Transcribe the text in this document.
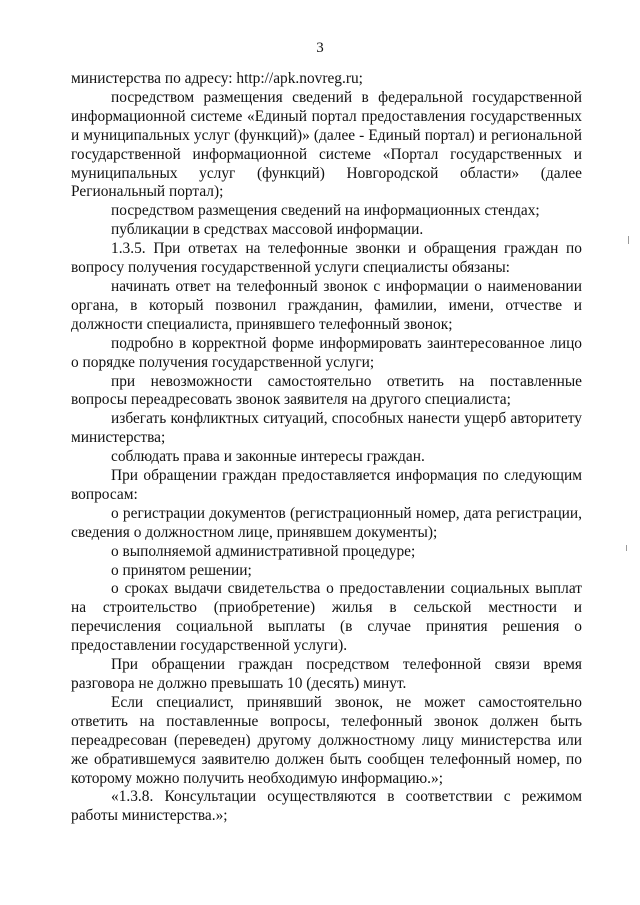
3

министерства по адресу: http://apk.novreg.ru;

посредством размещения сведений в федеральной государственной информационной системе «Единый портал предоставления государственных и муниципальных услуг (функций)» (далее - Единый портал) и региональной государственной информационной системе «Портал государственных и муниципальных услуг (функций) Новгородской области» (далее Региональный портал);

посредством размещения сведений на информационных стендах;

публикации в средствах массовой информации.

1.3.5. При ответах на телефонные звонки и обращения граждан по вопросу получения государственной услуги специалисты обязаны:

начинать ответ на телефонный звонок с информации о наименовании органа, в который позвонил гражданин, фамилии, имени, отчестве и должности специалиста, принявшего телефонный звонок;

подробно в корректной форме информировать заинтересованное лицо о порядке получения государственной услуги;

при невозможности самостоятельно ответить на поставленные вопросы переадресовать звонок заявителя на другого специалиста;

избегать конфликтных ситуаций, способных нанести ущерб авторитету министерства;

соблюдать права и законные интересы граждан.

При обращении граждан предоставляется информация по следующим вопросам:

о регистрации документов (регистрационный номер, дата регистрации, сведения о должностном лице, принявшем документы);

о выполняемой административной процедуре;

о принятом решении;

о сроках выдачи свидетельства о предоставлении социальных выплат на строительство (приобретение) жилья в сельской местности и перечисления социальной выплаты (в случае принятия решения о предоставлении государственной услуги).

При обращении граждан посредством телефонной связи время разговора не должно превышать 10 (десять) минут.

Если специалист, принявший звонок, не может самостоятельно ответить на поставленные вопросы, телефонный звонок должен быть переадресован (переведен) другому должностному лицу министерства или же обратившемуся заявителю должен быть сообщен телефонный номер, по которому можно получить необходимую информацию.»;

«1.3.8. Консультации осуществляются в соответствии с режимом работы министерства.»;
